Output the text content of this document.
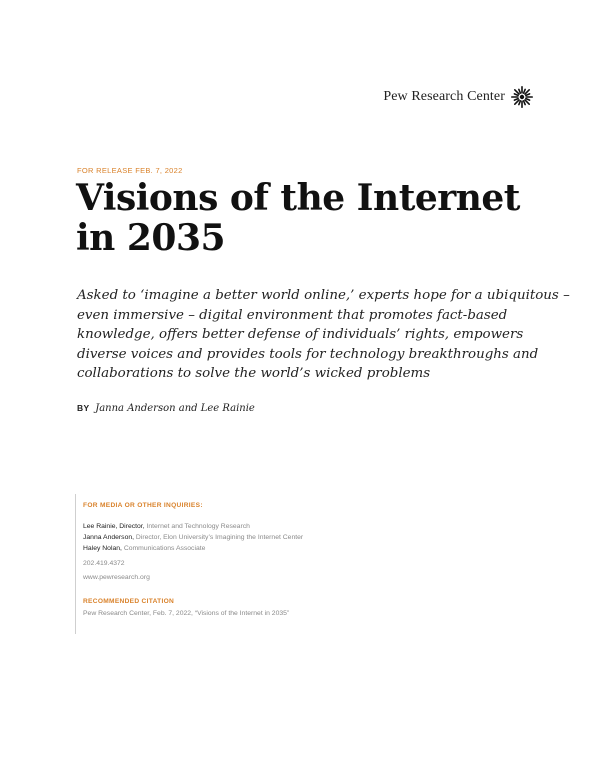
Pew Research Center
FOR RELEASE FEB. 7, 2022
Visions of the Internet in 2035

Asked to ‘imagine a better world online,’ experts hope for a ubiquitous – even immersive – digital environment that promotes fact-based knowledge, offers better defense of individuals’ rights, empowers diverse voices and provides tools for technology breakthroughs and collaborations to solve the world’s wicked problems

BY Janna Anderson and Lee Rainie
FOR MEDIA OR OTHER INQUIRIES:
Lee Rainie, Director, Internet and Technology Research
Janna Anderson, Director, Elon University’s Imagining the Internet Center
Haley Nolan, Communications Associate
202.419.4372
www.pewresearch.org
RECOMMENDED CITATION
Pew Research Center, Feb. 7, 2022, “Visions of the Internet in 2035”
